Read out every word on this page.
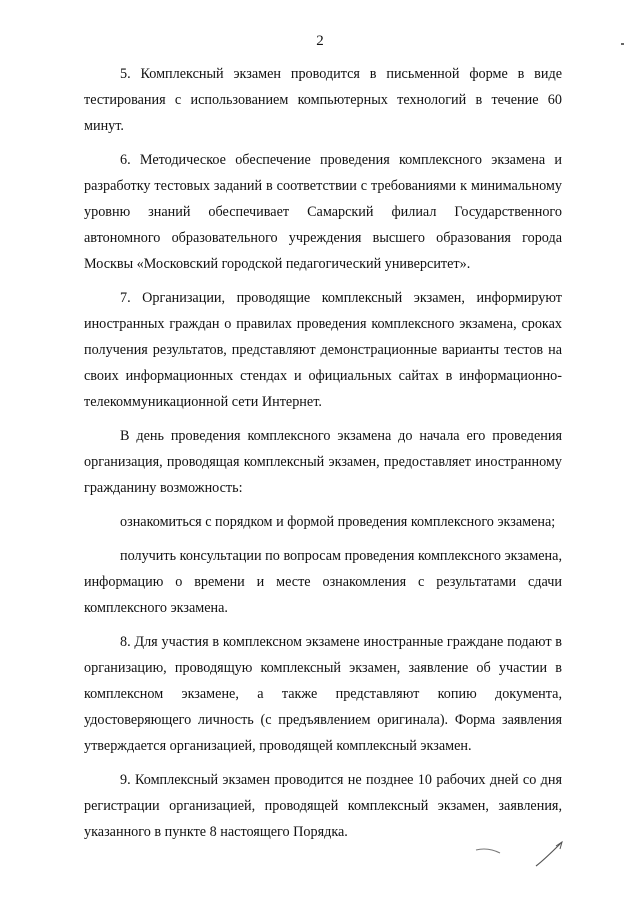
2

5. Комплексный экзамен проводится в письменной форме в виде тестирования с использованием компьютерных технологий в течение 60 минут.

6. Методическое обеспечение проведения комплексного экзамена и разработку тестовых заданий в соответствии с требованиями к минимальному уровню знаний обеспечивает Самарский филиал Государственного автономного образовательного учреждения высшего образования города Москвы «Московский городской педагогический университет».

7. Организации, проводящие комплексный экзамен, информируют иностранных граждан о правилах проведения комплексного экзамена, сроках получения результатов, представляют демонстрационные варианты тестов на своих информационных стендах и официальных сайтах в информационно-телекоммуникационной сети Интернет.

В день проведения комплексного экзамена до начала его проведения организация, проводящая комплексный экзамен, предоставляет иностранному гражданину возможность:

ознакомиться с порядком и формой проведения комплексного экзамена;

получить консультации по вопросам проведения комплексного экзамена, информацию о времени и месте ознакомления с результатами сдачи комплексного экзамена.

8. Для участия в комплексном экзамене иностранные граждане подают в организацию, проводящую комплексный экзамен, заявление об участии в комплексном экзамене, а также представляют копию документа, удостоверяющего личность (с предъявлением оригинала). Форма заявления утверждается организацией, проводящей комплексный экзамен.

9. Комплексный экзамен проводится не позднее 10 рабочих дней со дня регистрации организацией, проводящей комплексный экзамен, заявления, указанного в пункте 8 настоящего Порядка.
